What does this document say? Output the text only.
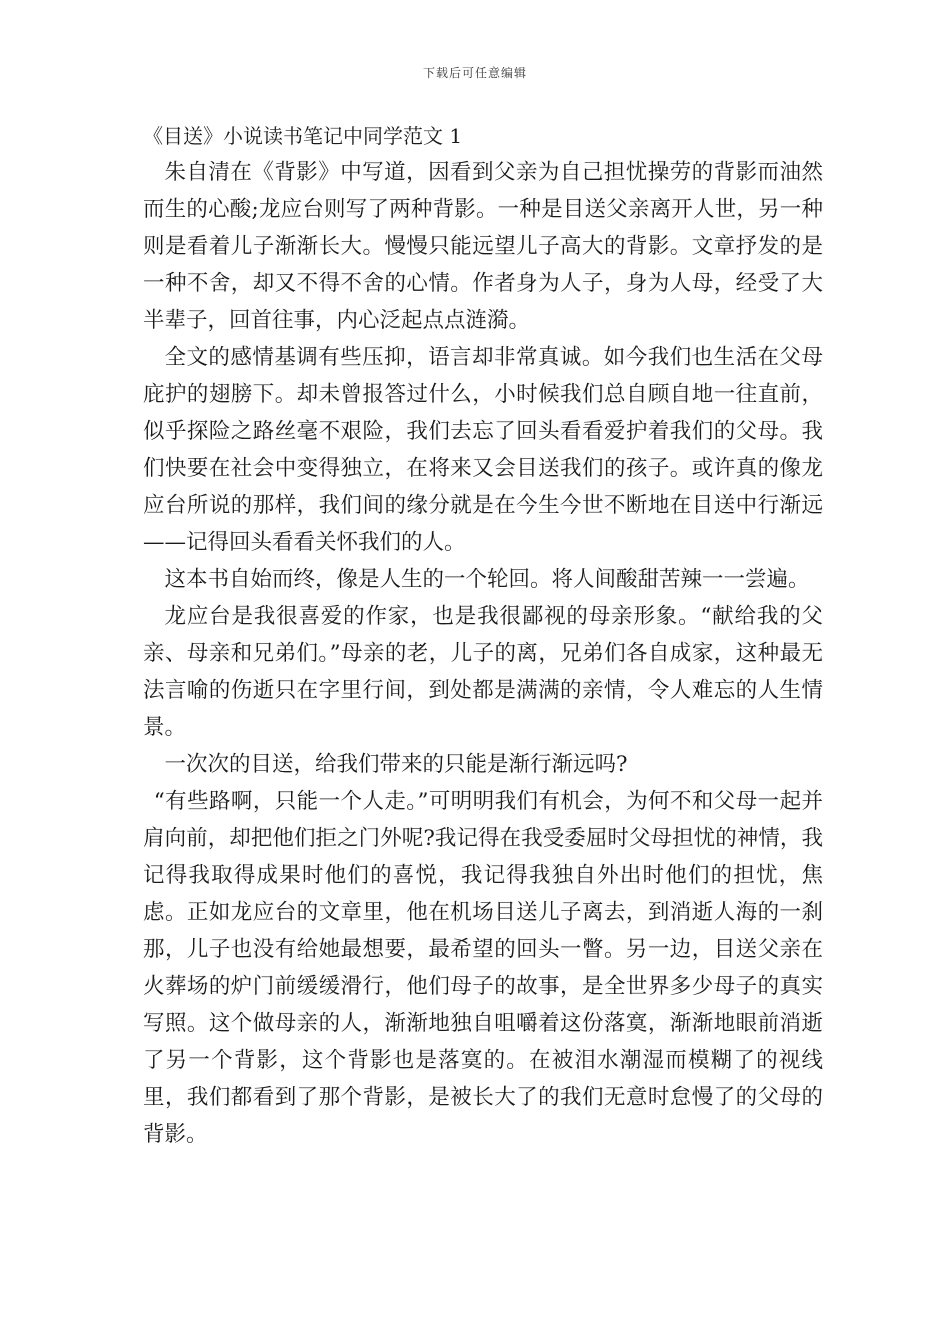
下载后可任意编辑
《目送》小说读书笔记中同学范文 1

朱自清在《背影》中写道，因看到父亲为自己担忧操劳的背影而油然而生的心酸;龙应台则写了两种背影。一种是目送父亲离开人世，另一种则是看着儿子渐渐长大。慢慢只能远望儿子高大的背影。文章抒发的是一种不舍，却又不得不舍的心情。作者身为人子，身为人母，经受了大半辈子，回首往事，内心泛起点点涟漪。

全文的感情基调有些压抑，语言却非常真诚。如今我们也生活在父母庇护的翅膀下。却未曾报答过什么，小时候我们总自顾自地一往直前，似乎探险之路丝毫不艰险，我们去忘了回头看看爱护着我们的父母。我们快要在社会中变得独立，在将来又会目送我们的孩子。或许真的像龙应台所说的那样，我们间的缘分就是在今生今世不断地在目送中行渐远——记得回头看看关怀我们的人。

这本书自始而终，像是人生的一个轮回。将人间酸甜苦辣一一尝遍。

龙应台是我很喜爱的作家，也是我很鄙视的母亲形象。“献给我的父亲、母亲和兄弟们。”母亲的老，儿子的离，兄弟们各自成家，这种最无法言喻的伤逝只在字里行间，到处都是满满的亲情，令人难忘的人生情景。

一次次的目送，给我们带来的只能是渐行渐远吗?

“有些路啊，只能一个人走。”可明明我们有机会，为何不和父母一起并肩向前，却把他们拒之门外呢?我记得在我受委屈时父母担忧的神情，我记得我取得成果时他们的喜悦，我记得我独自外出时他们的担忧，焦虑。正如龙应台的文章里，他在机场目送儿子离去，到消逝人海的一刹那，儿子也没有给她最想要，最希望的回头一瞥。另一边，目送父亲在火葬场的炉门前缓缓滑行，他们母子的故事，是全世界多少母子的真实写照。这个做母亲的人，渐渐地独自咀嚼着这份落寞，渐渐地眼前消逝了另一个背影，这个背影也是落寞的。在被泪水潮湿而模糊了的视线里，我们都看到了那个背影，是被长大了的我们无意时怠慢了的父母的背影。
